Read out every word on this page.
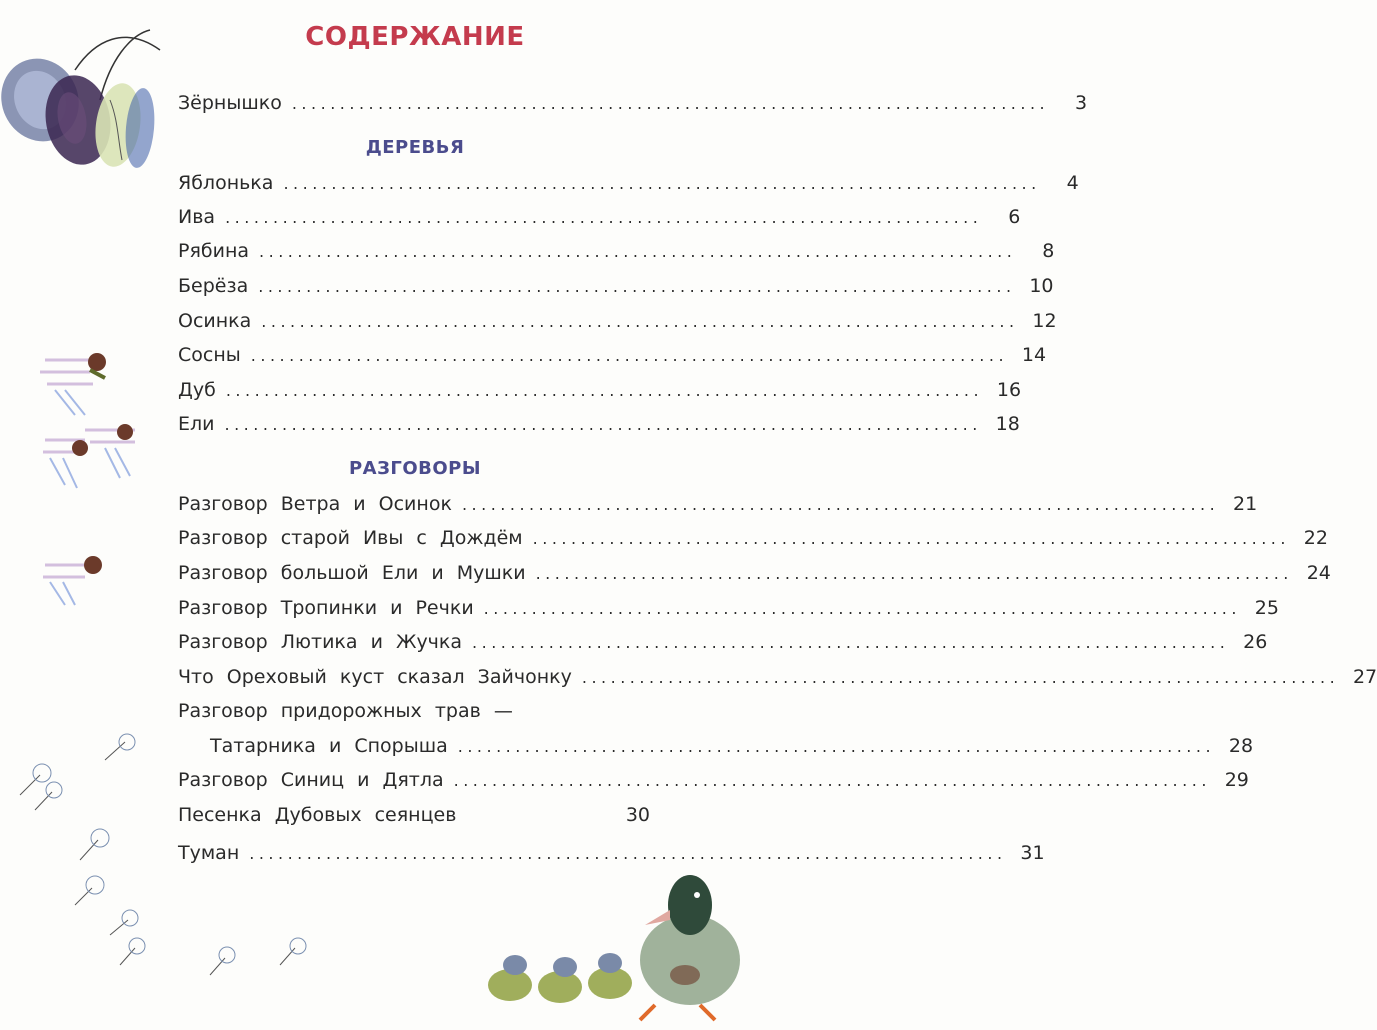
СОДЕРЖАНИЕ
Зёрнышко ...............................................................................	3
ДЕРЕВЬЯ
Яблонька ...............................................................................	4
Ива ...............................................................................	6
Рябина ...............................................................................	8
Берёза ............................................................................... 10
Осинка ............................................................................... 12
Сосны ............................................................................... 14
Дуб ............................................................................... 16
Ели ............................................................................... 18
РАЗГОВОРЫ
Разговор Ветра и Осинок ............................................................................... 21
Разговор старой Ивы с Дождём ............................................................................... 22
Разговор большой Ели и Мушки ............................................................................... 24
Разговор Тропинки и Речки ............................................................................... 25
Разговор Лютика и Жучка ............................................................................... 26
Что Ореховый куст сказал Зайчонку ............................................................................... 27
Разговор придорожных трав —
Татарника и Спорыша ............................................................................... 28
Разговор Синиц и Дятла ............................................................................... 29
Песенка Дубовых сеянцев	30
Туман ............................................................................... 31
